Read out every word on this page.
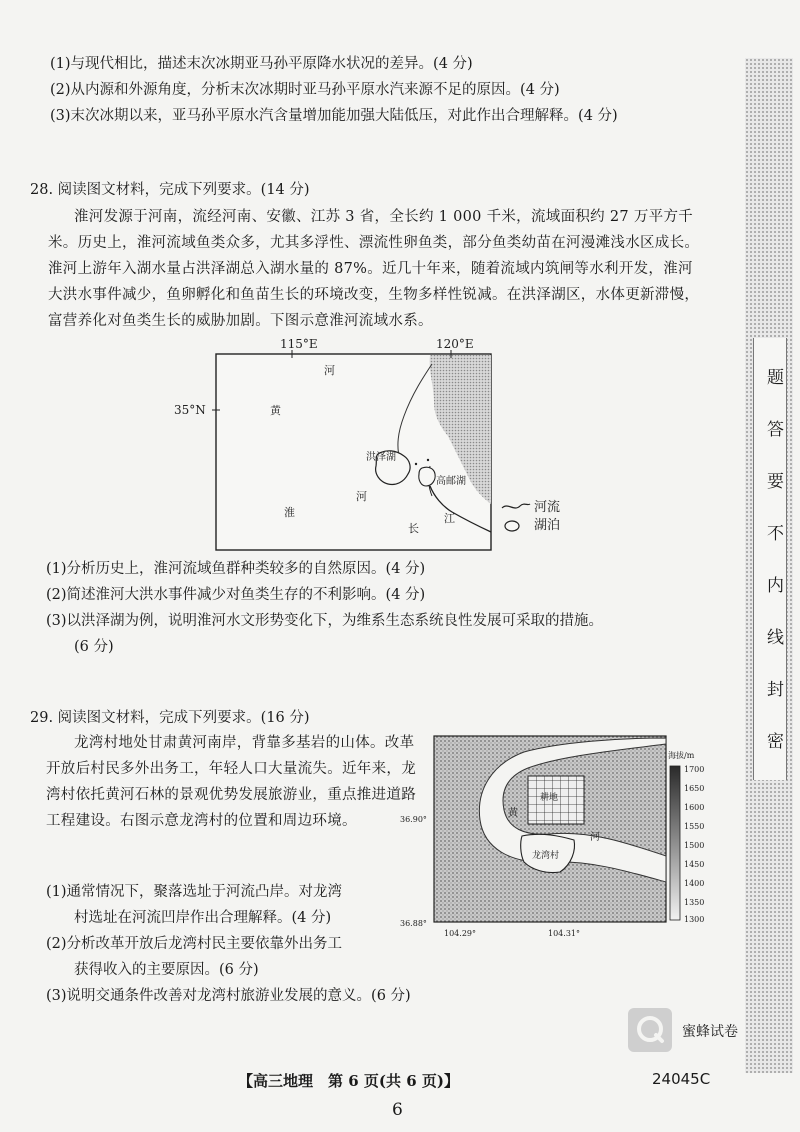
(1)与现代相比，描述末次冰期亚马孙平原降水状况的差异。(4 分)
(2)从内源和外源角度，分析末次冰期时亚马孙平原水汽来源不足的原因。(4 分)
(3)末次冰期以来，亚马孙平原水汽含量增加能加强大陆低压，对此作出合理解释。(4 分)
28. 阅读图文材料，完成下列要求。(14 分)
淮河发源于河南，流经河南、安徽、江苏 3 省，全长约 1 000 千米，流域面积约 27 万平方千米。历史上，淮河流域鱼类众多，尤其多浮性、漂流性卵鱼类，部分鱼类幼苗在河漫滩浅水区成长。淮河上游年入湖水量占洪泽湖总入湖水量的 87%。近几十年来，随着流域内筑闸等水利开发，淮河大洪水事件减少，鱼卵孵化和鱼苗生长的环境改变，生物多样性锐减。在洪泽湖区，水体更新滞慢，富营养化对鱼类生长的威胁加剧。下图示意淮河流域水系。
115°E	120°E
35°N
河
黄
洪泽湖
高邮湖
淮
河
长
江
河流
湖泊
(1)分析历史上，淮河流域鱼群种类较多的自然原因。(4 分)
(2)简述淮河大洪水事件减少对鱼类生存的不利影响。(4 分)
(3)以洪泽湖为例，说明淮河水文形势变化下，为维系生态系统良性发展可采取的措施。
(6 分)
29. 阅读图文材料，完成下列要求。(16 分)
龙湾村地处甘肃黄河南岸，背靠多基岩的山体。改革开放后村民多外出务工，年轻人口大量流失。近年来，龙湾村依托黄河石林的景观优势发展旅游业，重点推进道路工程建设。右图示意龙湾村的位置和周边环境。
(1)通常情况下，聚落选址于河流凸岸。对龙湾
村选址在河流凹岸作出合理解释。(4 分)
(2)分析改革开放后龙湾村民主要依靠外出务工
获得收入的主要原因。(6 分)
(3)说明交通条件改善对龙湾村旅游业发展的意义。(6 分)
耕地
黄
河
龙湾村
36.90°
36.88°
104.29°	104.31°
海拔/m
1700
1650
1600
1550
1500
1450
1400
1350
1300
题
答
要
不
内
线
封
密
蜜蜂试卷
【高三地理　第 6 页(共 6 页)】	24045C
6
